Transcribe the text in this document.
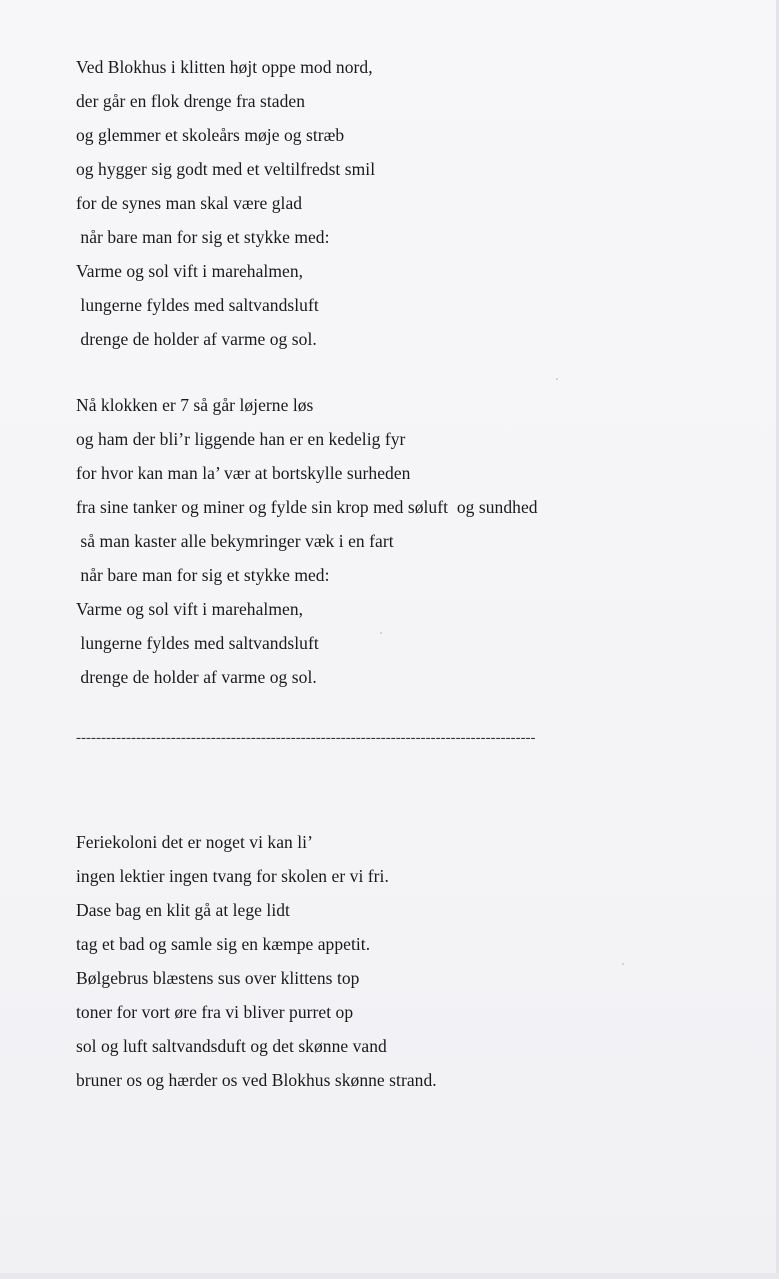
Ved Blokhus i klitten højt oppe mod nord,
der går en flok drenge fra staden
og glemmer et skoleårs møje og stræb
og hygger sig godt med et veltilfredst smil
for de synes man skal være glad
når bare man for sig et stykke med:
Varme og sol vift i marehalmen,
lungerne fyldes med saltvandsluft
drenge de holder af varme og sol.
Nå klokken er 7 så går løjerne løs
og ham der bli’r liggende han er en kedelig fyr
for hvor kan man la’ vær at bortskylle surheden
fra sine tanker og miner og fylde sin krop med søluft  og sundhed
så man kaster alle bekymringer væk i en fart
når bare man for sig et stykke med:
Varme og sol vift i marehalmen,
lungerne fyldes med saltvandsluft
drenge de holder af varme og sol.
--------------------------------------------------------------------------------------------
Feriekoloni det er noget vi kan li’
ingen lektier ingen tvang for skolen er vi fri.
Dase bag en klit gå at lege lidt
tag et bad og samle sig en kæmpe appetit.
Bølgebrus blæstens sus over klittens top
toner for vort øre fra vi bliver purret op
sol og luft saltvandsduft og det skønne vand
bruner os og hærder os ved Blokhus skønne strand.
